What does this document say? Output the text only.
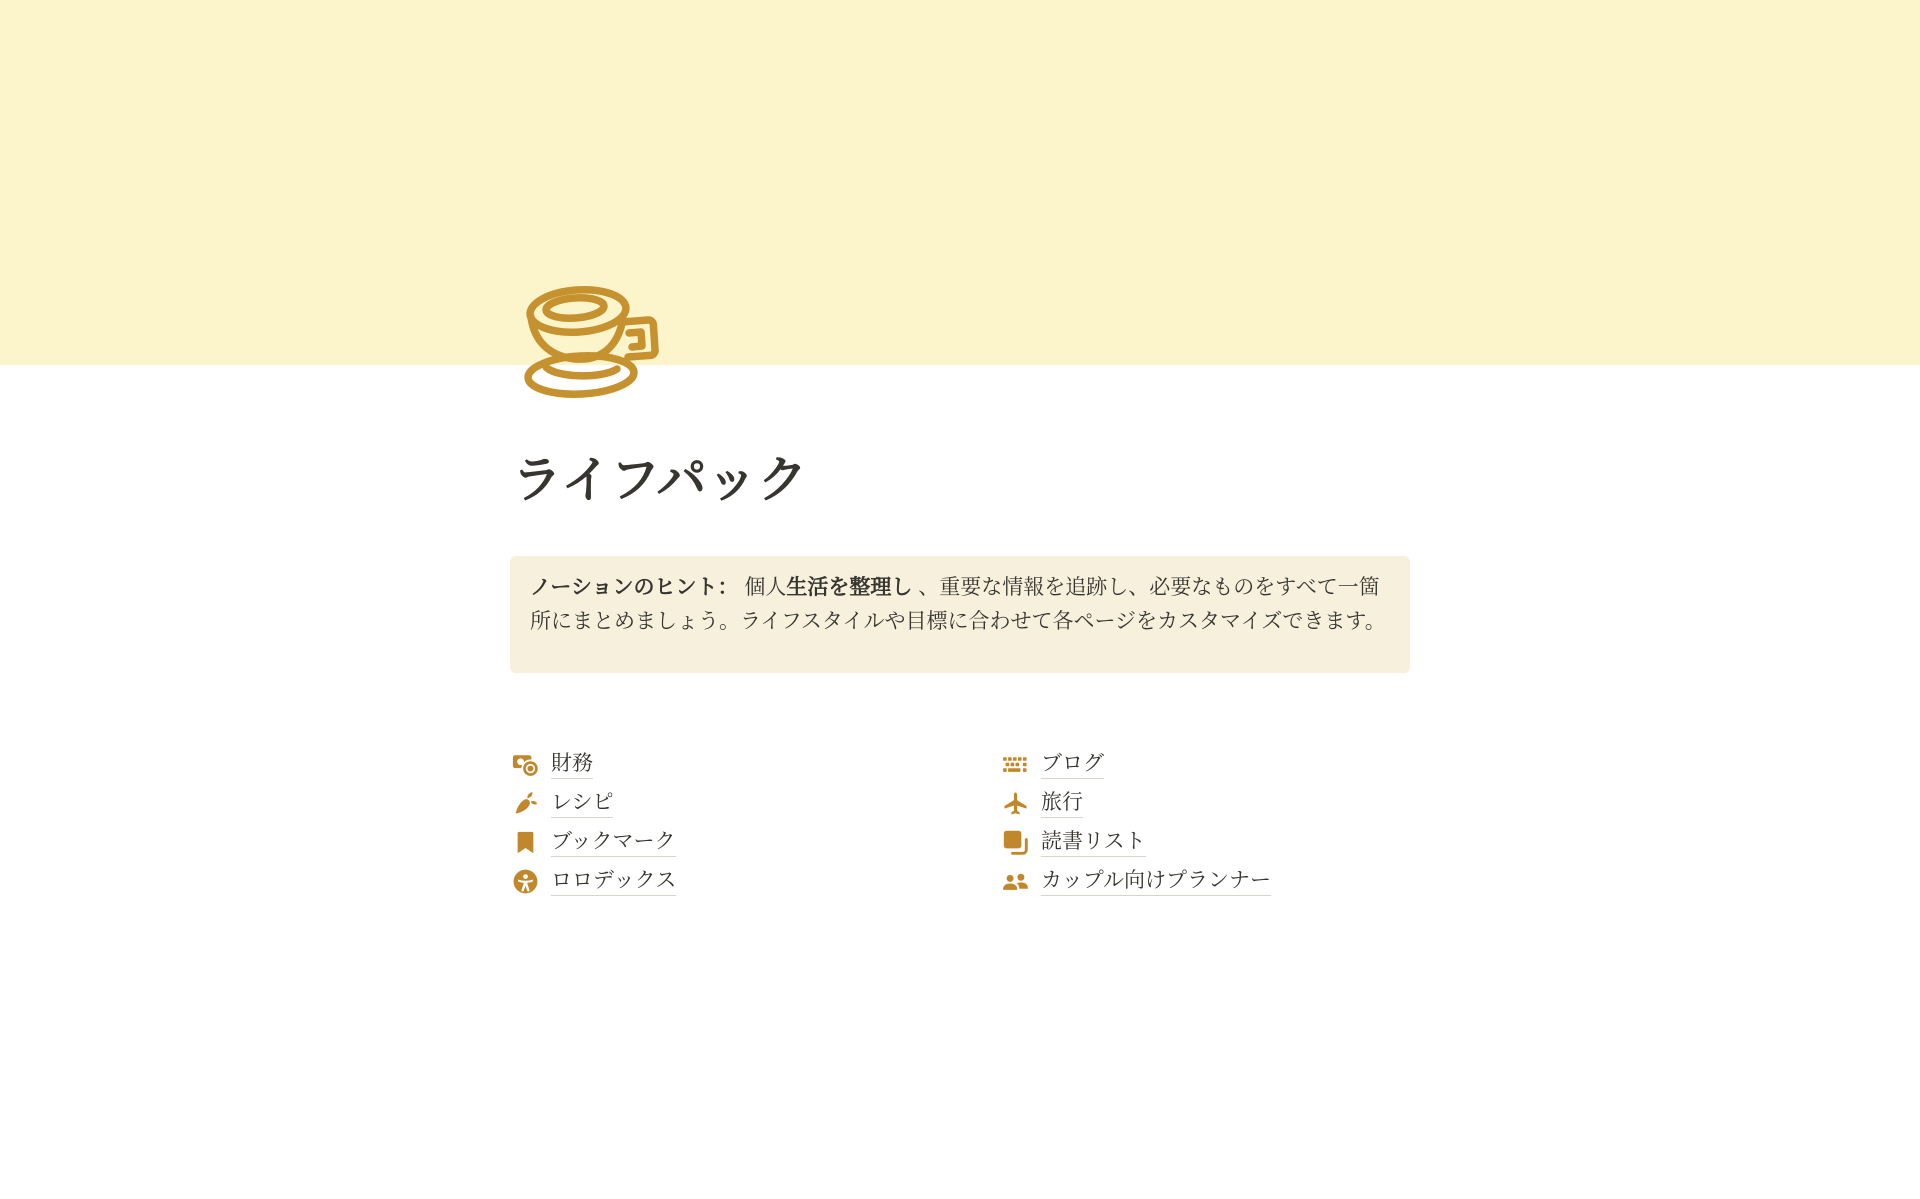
ライフパック
ノーションのヒント： 個人生活を整理し 、重要な情報を追跡し、必要なものをすべて一箇所にまとめましょう。ライフスタイルや目標に合わせて各ページをカスタマイズできます。
財務
レシピ
ブックマーク
ロロデックス
ブログ
旅行
読書リスト
カップル向けプランナー
